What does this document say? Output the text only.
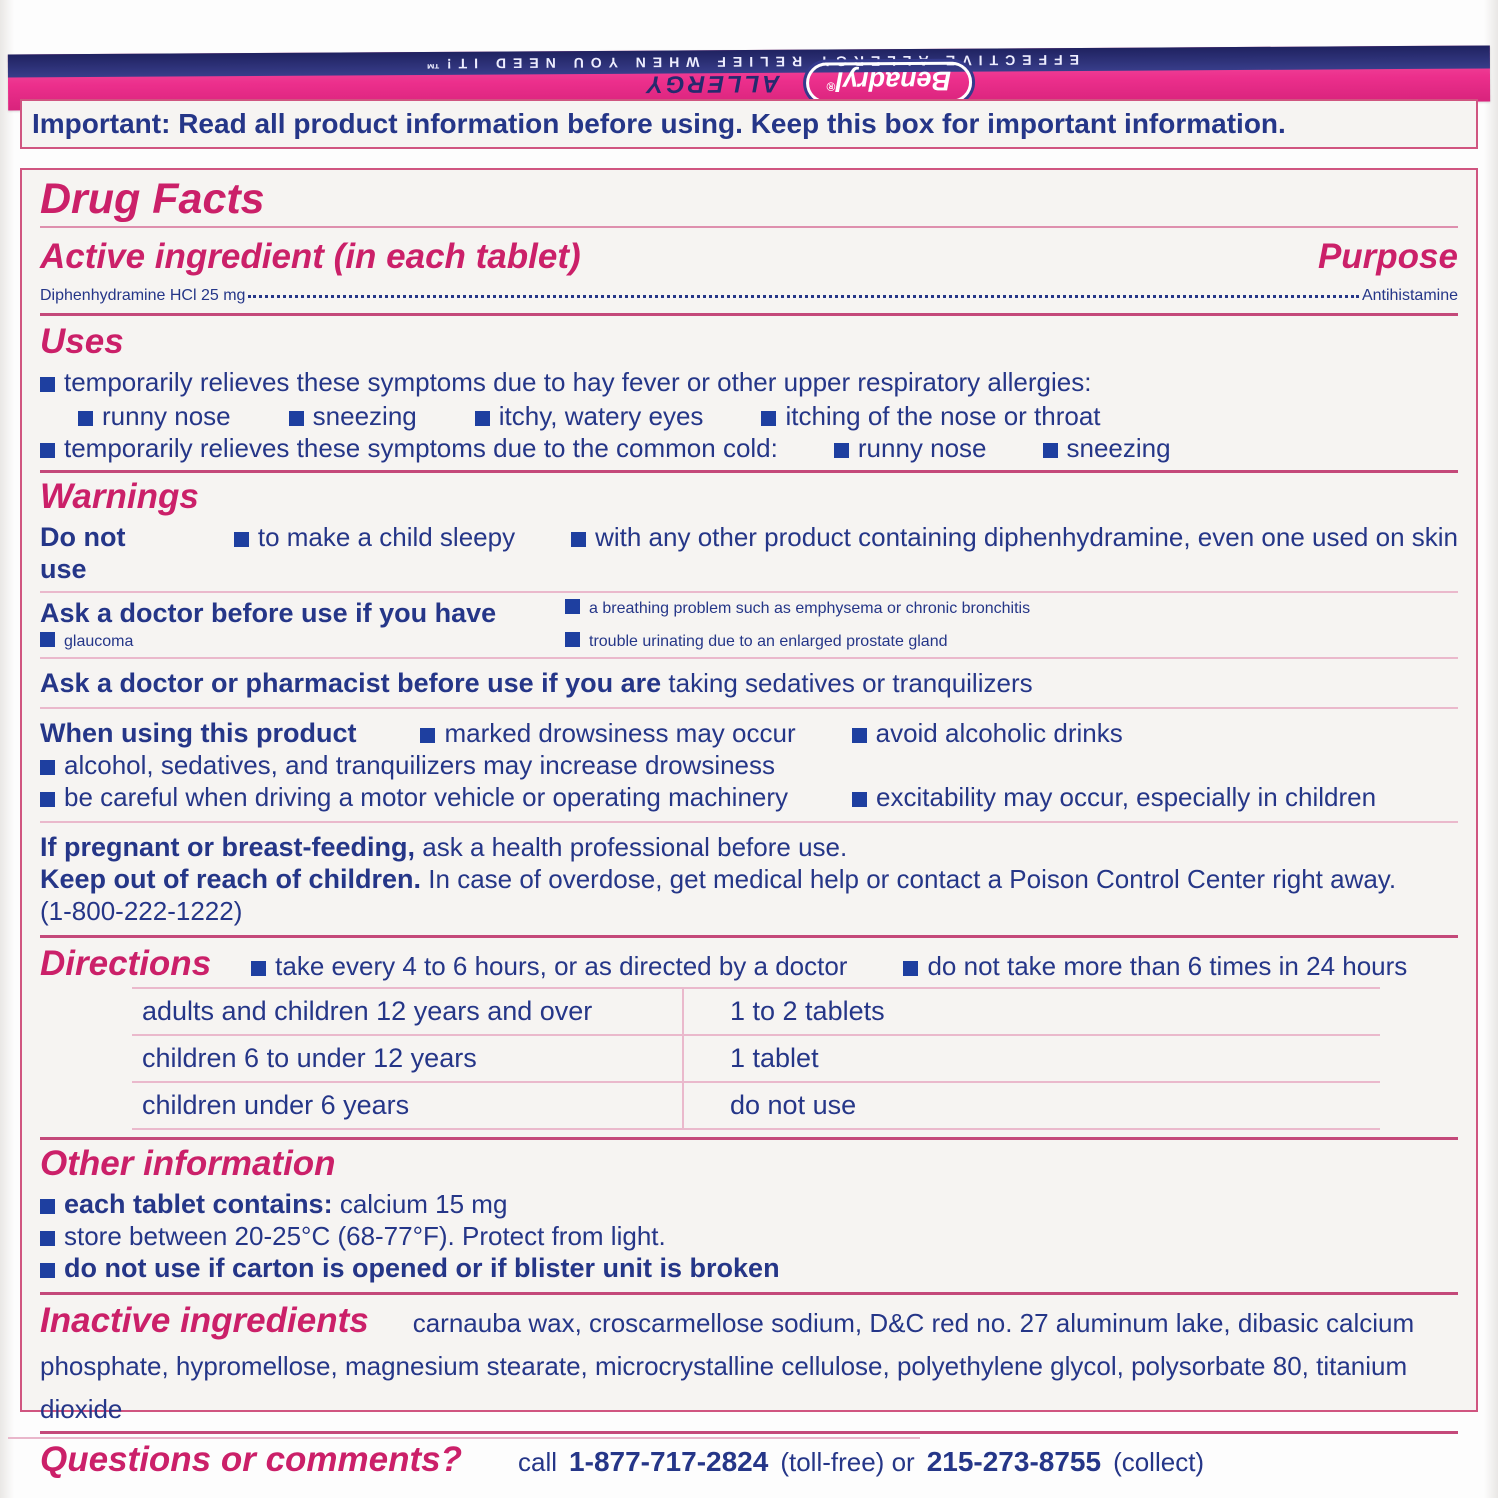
EFFECTIVE ALLERGY RELIEF WHEN YOU NEED IT!™
Benadryl®
ALLERGY

Important: Read all product information before using. Keep this box for important information.

Drug Facts
Active ingredient (in each tablet)	Purpose
Diphenhydramine HCl 25 mg	Antihistamine
Uses

temporarily relieves these symptoms due to hay fever or other upper respiratory allergies:

runny nose	sneezing	itchy, watery eyes	itching of the nose or throat
temporarily relieves these symptoms due to the common cold:	runny nose	sneezing
Warnings
Do not use
to make a child sleepy	with any other product containing diphenhydramine, even one used on skin
Ask a doctor before use if you have	a breathing problem such as emphysema or chronic bronchitis
glaucoma	trouble urinating due to an enlarged prostate gland

Ask a doctor or pharmacist before use if you are taking sedatives or tranquilizers

When using this product	marked drowsiness may occur	avoid alcoholic drinks

alcohol, sedatives, and tranquilizers may increase drowsiness

be careful when driving a motor vehicle or operating machinery	excitability may occur, especially in children

If pregnant or breast-feeding, ask a health professional before use.

Keep out of reach of children. In case of overdose, get medical help or contact a Poison Control Center right away.

(1-800-222-1222)

Directions	take every 4 to 6 hours, or as directed by a doctor	do not take more than 6 times in 24 hours
adults and children 12 years and over	1 to 2 tablets
children 6 to under 12 years	1 tablet
children under 6 years	do not use
Other information

each tablet contains: calcium 15 mg

store between 20-25°C (68-77°F). Protect from light.

do not use if carton is opened or if blister unit is broken

Inactive ingredients carnauba wax, croscarmellose sodium, D&C red no. 27 aluminum lake, dibasic calcium phosphate, hypromellose, magnesium stearate, microcrystalline cellulose, polyethylene glycol, polysorbate 80, titanium dioxide

Questions or comments? call 1-877-717-2824 (toll-free) or 215-273-8755 (collect)
